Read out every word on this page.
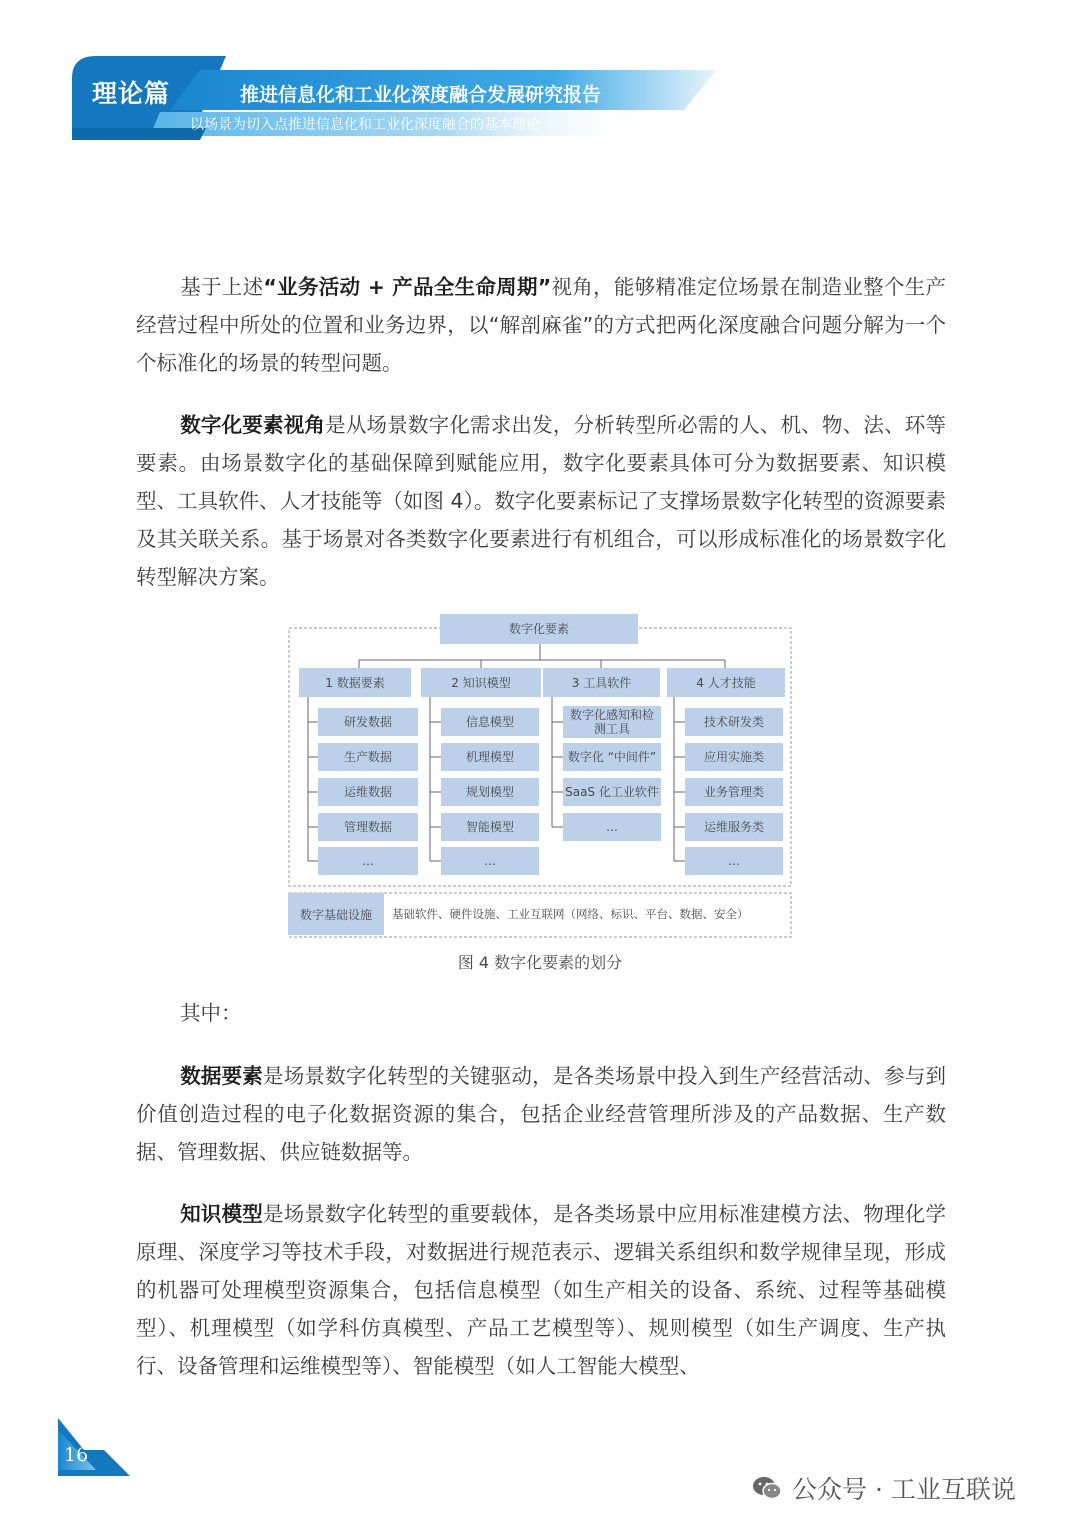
理论篇	推进信息化和工业化深度融合发展研究报告
以场景为切入点推进信息化和工业化深度融合的基本理论
基于上述“业务活动 + 产品全生命周期”视角，能够精准定位场景在制造业整个生产经营过程中所处的位置和业务边界，以“解剖麻雀”的方式把两化深度融合问题分解为一个个标准化的场景的转型问题。
数字化要素视角是从场景数字化需求出发，分析转型所必需的人、机、物、法、环等要素。由场景数字化的基础保障到赋能应用，数字化要素具体可分为数据要素、知识模型、工具软件、人才技能等（如图 4）。数字化要素标记了支撑场景数字化转型的资源要素及其关联关系。基于场景对各类数字化要素进行有机组合，可以形成标准化的场景数字化转型解决方案。
数字化要素
1 数据要素	2 知识模型	3 工具软件	4 人才技能
研发数据
生产数据
运维数据
管理数据
…
信息模型
机理模型
规划模型
智能模型
…
数字化感知和检测工具
数字化 “中间件”
SaaS 化工业软件
…
技术研发类
应用实施类
业务管理类
运维服务类
…
数字基础设施	基础软件、硬件设施、工业互联网（网络、标识、平台、数据、安全）
图 4 数字化要素的划分
其中：
数据要素是场景数字化转型的关键驱动，是各类场景中投入到生产经营活动、参与到价值创造过程的电子化数据资源的集合，包括企业经营管理所涉及的产品数据、生产数据、管理数据、供应链数据等。
知识模型是场景数字化转型的重要载体，是各类场景中应用标准建模方法、物理化学原理、深度学习等技术手段，对数据进行规范表示、逻辑关系组织和数学规律呈现，形成的机器可处理模型资源集合，包括信息模型（如生产相关的设备、系统、过程等基础模型）、机理模型（如学科仿真模型、产品工艺模型等）、规则模型（如生产调度、生产执行、设备管理和运维模型等）、智能模型（如人工智能大模型、
16
公众号 · 工业互联说
